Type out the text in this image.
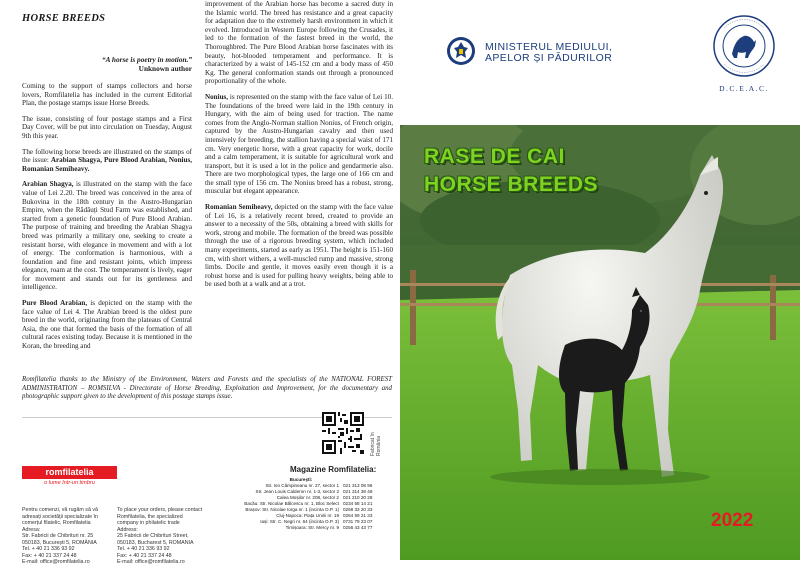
HORSE BREEDS
“A horse is poetry in motion.”
Unknown author

Coming to the support of stamps collectors and horse lovers, Romfilatelia has included in the current Editorial Plan, the postage stamps issue Horse Breeds.

The issue, consisting of four postage stamps and a First Day Cover, will be put into circulation on Tuesday, August 9th this year.

The following horse breeds are illustrated on the stamps of the issue: Arabian Shagya, Pure Blood Arabian, Nonius, Romanian Semiheavy.

Arabian Shagya, is illustrated on the stamp with the face value of Lei 2.20. The breed was conceived in the area of Bukovina in the 18th century in the Austro-Hungarian Empire, when the Rădăuți Stud Farm was established, and started from a genetic foundation of Pure Blood Arabian. The purpose of training and breeding the Arabian Shagya breed was primarily a military one, seeking to create a resistant horse, with elegance in movement and with a lot of energy. The conformation is harmonious, with a foundation and fine and resistant joints, which impress elegance, roam at the cost. The temperament is lively, eager for movement and stands out for its gentleness and intelligence.

Pure Blood Arabian, is depicted on the stamp with the face value of Lei 4. The Arabian breed is the oldest pure breed in the world, originating from the plateaus of Central Asia, the one that formed the basis of the formation of all cultural races existing today. Because it is mentioned in the Koran, the breeding and

improvement of the Arabian horse has become a sacred duty in the Islamic world. The breed has resistance and a great capacity for adaptation due to the extremely harsh environment in which it evolved. Introduced in Western Europe following the Crusades, it led to the formation of the fastest breed in the world, the Thoroughbred. The Pure Blood Arabian horse fascinates with its beauty, hot-blooded temperament and performance. It is characterized by a waist of 145-152 cm and a body mass of 450 Kg. The general conformation stands out through a pronounced proportionality of the whole.

Nonius, is represented on the stamp with the face value of Lei 10. The foundations of the breed were laid in the 19th century in Hungary, with the aim of being used for traction. The name comes from the Anglo-Norman stallion Nonius, of French origin, captured by the Austro-Hungarian cavalry and then used intensively for breeding, the stallion having a special waist of 171 cm. Very energetic horse, with a great capacity for work, docile and a calm temperament, it is suitable for agricultural work and transport, but it is used a lot in the police and gendarmerie also. There are two morphological types, the large one of 166 cm and the small type of 156 cm. The Nonius breed has a robust, strong, muscular but elegant appearance.

Romanian Semiheavy, depicted on the stamp with the face value of Lei 16, is a relatively recent breed, created to provide an answer to a necessity of the 50s, obtaining a breed with skills for work, strong and mobile. The formation of the breed was possible through the use of a rigorous breeding system, which included many experiments, started as early as 1951. The height is 151-160 cm, with short withers, a well-muscled rump and massive, strong limbs. Docile and gentle, it moves easily even though it is a robust horse and is used for pulling heavy weights, being able to be used both at a walk and at a trot.

Romfilatelia thanks to the Ministry of the Environment, Waters and Forests and the specialists of the NATIONAL FOREST ADMINISTRATION – ROMSILVA - Directorate of Horse Breeding, Exploitation and Improvement, for the documentary and photographic support given to the development of this postage stamps issue.
romfilatelia
o lume într-un timbru
Fabricat în România
Pentru comenzi, vă rugăm să vă
adresați societății specializate în
comerțul filatelic, Romfilatelia
Adresa:
Str. Fabricii de Chibrituri nr. 25
050183, București 5, ROMÂNIA
Tel. + 40 21 336 93 92
Fax: + 40 21 337 24 48
E-mail: office@romfilatelia.ro
To place your orders, please contact
Romfilatelia, the specialized
company in philatelic trade
Address:
25 Fabricii de Chibrituri Street,
050183, Bucharest 5, ROMANIA
Tel. + 40 21 336 93 92
Fax: + 40 21 337 24 48
E-mail: office@romfilatelia.ro
Magazine Romfilatelia:
București:
Str. Ion Câmpineanu nr. 27, sector 1 021 313 08 96
Str. Jean Louis Calderon nr. 1-3, sector 2 021 314 38 49
Calea Moșilor nr. 208, sector 2 021 210 20 28
Bacău: Str. Nicolae Bălcescu nr. 1, Bloc Select 0234 58 14 21
Brașov: Str. Nicolae Iorga nr. 1 (incinta O.P. 1) 0268 33 20 33
Cluj-Napoca: Piața Unirii nr. 19 0264 59 21 33
Iași: Str. C. Negri nr. 64 (incinta O.P. 3) 0731 79 23 07
Timișoara: Str. Mercy nr. 9 0256 43 43 77
MINISTERUL MEDIULUI,
APELOR ȘI PĂDURILOR
D.C.E.A.C.
RASE DE CAI
HORSE BREEDS
2022
